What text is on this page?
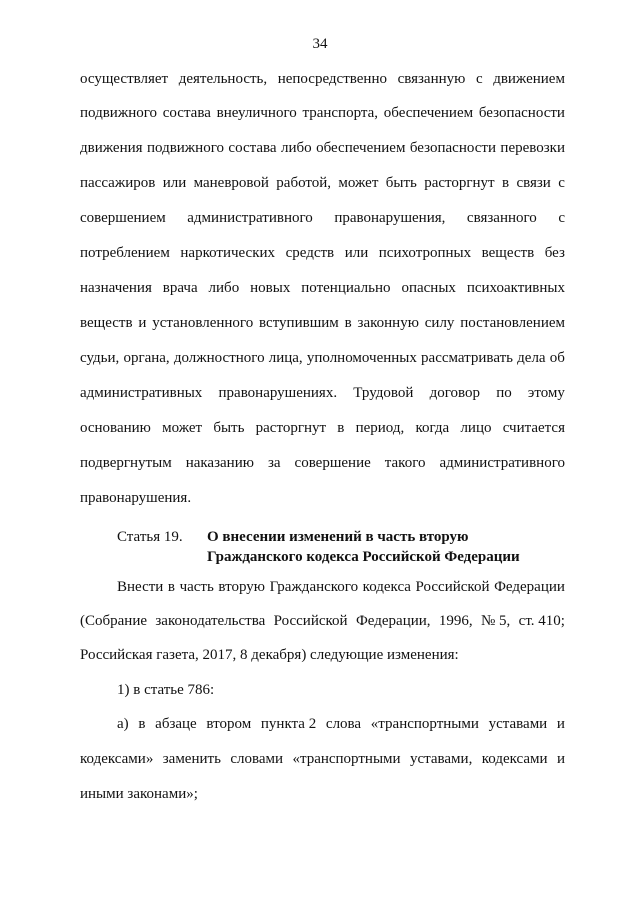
34
осуществляет деятельность, непосредственно связанную с движением
подвижного состава внеуличного транспорта, обеспечением безопасности
движения подвижного состава либо обеспечением безопасности перевозки
пассажиров или маневровой работой, может быть расторгнут в связи с
совершением административного правонарушения, связанного с
потреблением наркотических средств или психотропных веществ без
назначения врача либо новых потенциально опасных психоактивных
веществ и установленного вступившим в законную силу постановлением
судьи, органа, должностного лица, уполномоченных рассматривать дела об
административных правонарушениях. Трудовой договор по этому
основанию может быть расторгнут в период, когда лицо считается
подвергнутым наказанию за совершение такого административного
правонарушения.
Статья 19. О внесении изменений в часть вторую
Гражданского кодекса Российской Федерации
Внести в часть вторую Гражданского кодекса Российской Федерации
(Собрание законодательства Российской Федерации, 1996, № 5, ст. 410;
Российская газета, 2017, 8 декабря) следующие изменения:
1) в статье 786:
а) в абзаце втором пункта 2 слова «транспортными уставами и
кодексами» заменить словами «транспортными уставами, кодексами и
иными законами»;
